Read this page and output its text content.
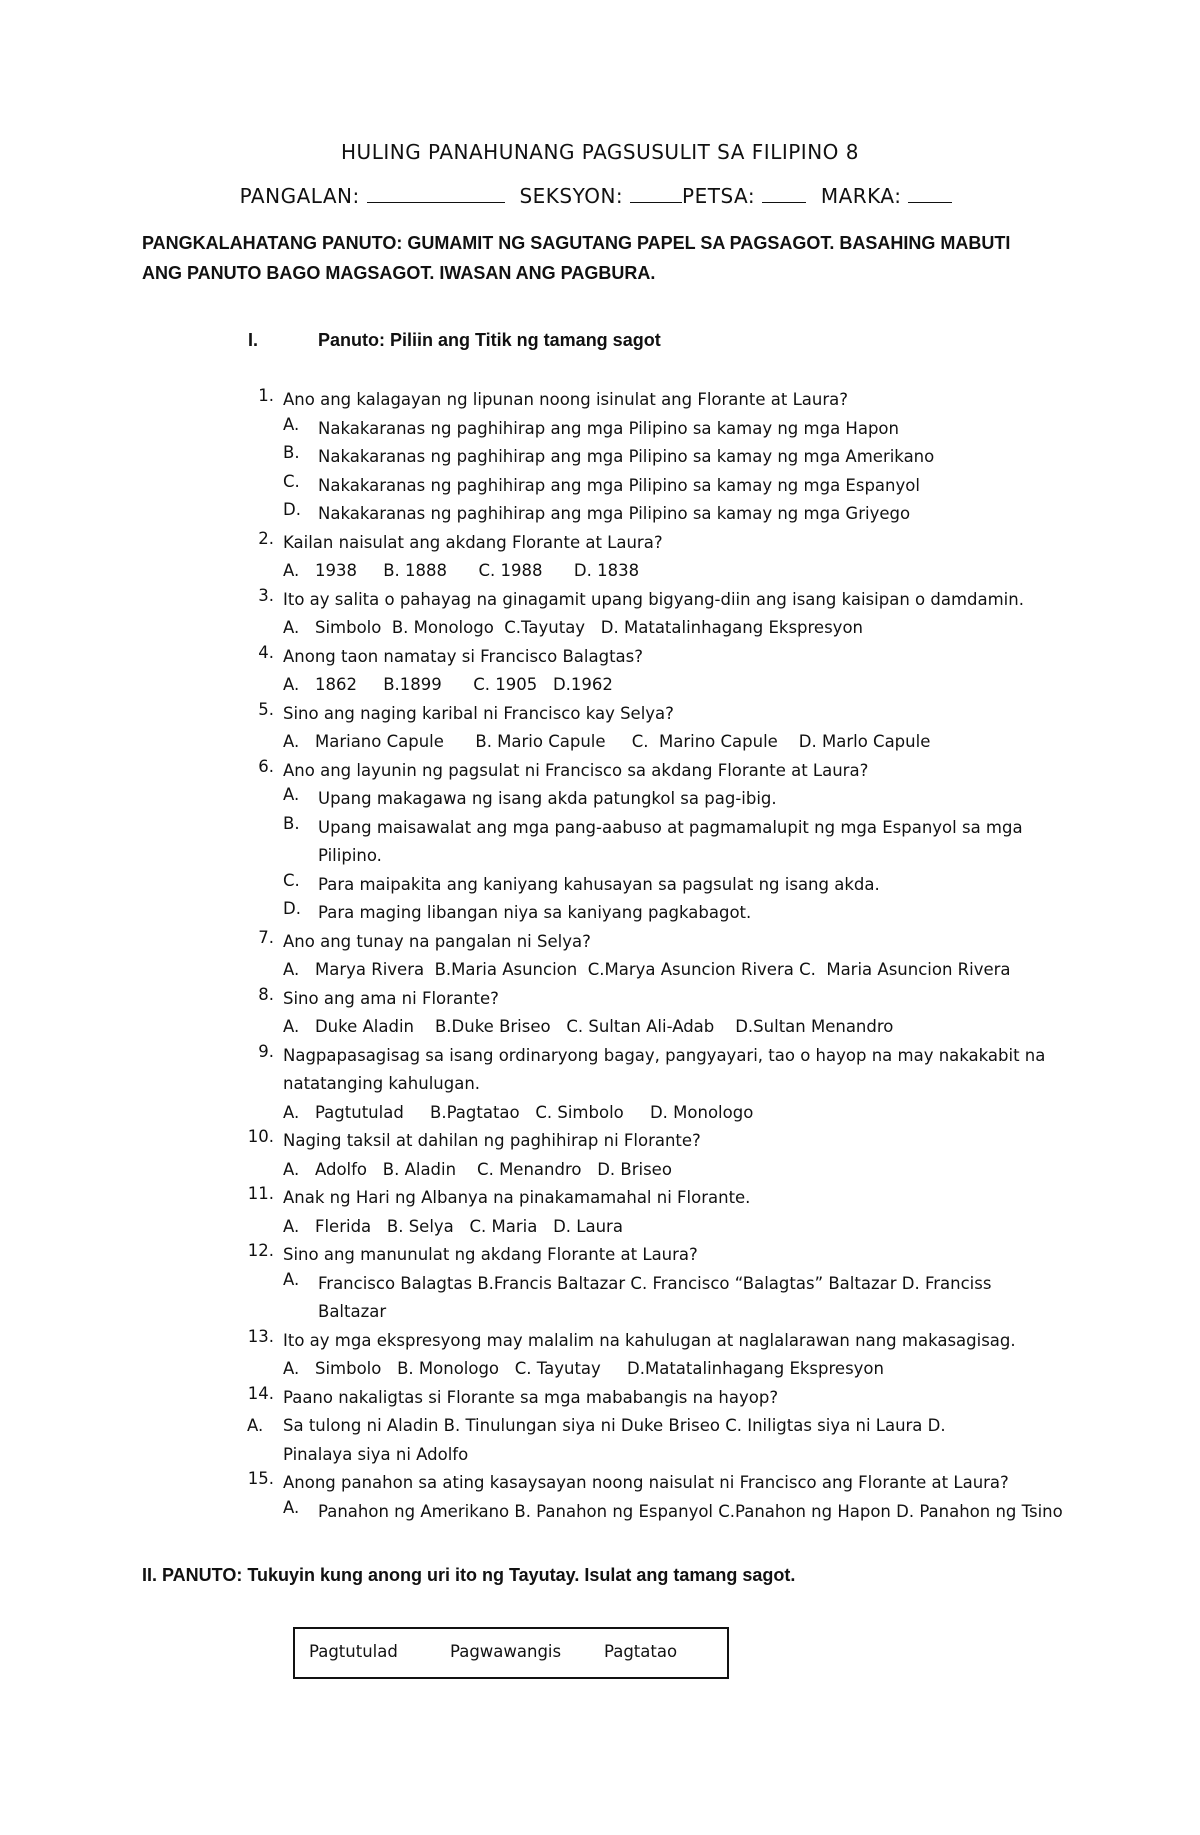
HULING PANAHUNANG PAGSUSULIT SA FILIPINO 8
PANGALAN:	SEKSYON:	PETSA:	MARKA:
PANGKALAHATANG PANUTO: GUMAMIT NG SAGUTANG PAPEL SA PAGSAGOT. BASAHING MABUTI ANG PANUTO BAGO MAGSAGOT. IWASAN ANG PAGBURA.
I.	Panuto: Piliin ang Titik ng tamang sagot
1. Ano ang kalagayan ng lipunan noong isinulat ang Florante at Laura?
A. Nakakaranas ng paghihirap ang mga Pilipino sa kamay ng mga Hapon
B. Nakakaranas ng paghihirap ang mga Pilipino sa kamay ng mga Amerikano
C. Nakakaranas ng paghihirap ang mga Pilipino sa kamay ng mga Espanyol
D. Nakakaranas ng paghihirap ang mga Pilipino sa kamay ng mga Griyego
2. Kailan naisulat ang akdang Florante at Laura?
A.   1938     B. 1888      C. 1988      D. 1838
3. Ito ay salita o pahayag na ginagamit upang bigyang-diin ang isang kaisipan o damdamin.
A.   Simbolo  B. Monologo  C.Tayutay   D. Matatalinhagang Ekspresyon
4. Anong taon namatay si Francisco Balagtas?
A.   1862     B.1899      C. 1905   D.1962
5. Sino ang naging karibal ni Francisco kay Selya?
A.   Mariano Capule      B. Mario Capule     C.  Marino Capule    D. Marlo Capule
6. Ano ang layunin ng pagsulat ni Francisco sa akdang Florante at Laura?
A. Upang makagawa ng isang akda patungkol sa pag-ibig.
B. Upang maisawalat ang mga pang-aabuso at pagmamalupit ng mga Espanyol sa mga Pilipino.
C. Para maipakita ang kaniyang kahusayan sa pagsulat ng isang akda.
D. Para maging libangan niya sa kaniyang pagkabagot.
7. Ano ang tunay na pangalan ni Selya?
A.   Marya Rivera  B.Maria Asuncion  C.Marya Asuncion Rivera C.  Maria Asuncion Rivera
8. Sino ang ama ni Florante?
A.   Duke Aladin    B.Duke Briseo   C. Sultan Ali-Adab    D.Sultan Menandro
9. Nagpapasagisag sa isang ordinaryong bagay, pangyayari, tao o hayop na may nakakabit na natatanging kahulugan.
A.   Pagtutulad     B.Pagtatao   C. Simbolo     D. Monologo
10. Naging taksil at dahilan ng paghihirap ni Florante?
A.   Adolfo   B. Aladin    C. Menandro   D. Briseo
11. Anak ng Hari ng Albanya na pinakamamahal ni Florante.
A.   Flerida   B. Selya   C. Maria   D. Laura
12. Sino ang manunulat ng akdang Florante at Laura?
A. Francisco Balagtas B.Francis Baltazar C. Francisco “Balagtas” Baltazar D. Franciss Baltazar
13. Ito ay mga ekspresyong may malalim na kahulugan at naglalarawan nang makasagisag.
A.   Simbolo   B. Monologo   C. Tayutay     D.Matatalinhagang Ekspresyon
14. Paano nakaligtas si Florante sa mga mababangis na hayop?
A. Sa tulong ni Aladin B. Tinulungan siya ni Duke Briseo C. Iniligtas siya ni Laura D. Pinalaya siya ni Adolfo
15. Anong panahon sa ating kasaysayan noong naisulat ni Francisco ang Florante at Laura?
A. Panahon ng Amerikano B. Panahon ng Espanyol C.Panahon ng Hapon D. Panahon ng Tsino
II. PANUTO: Tukuyin kung anong uri ito ng Tayutay. Isulat ang tamang sagot.
Pagtutulad	Pagwawangis	Pagtatao
